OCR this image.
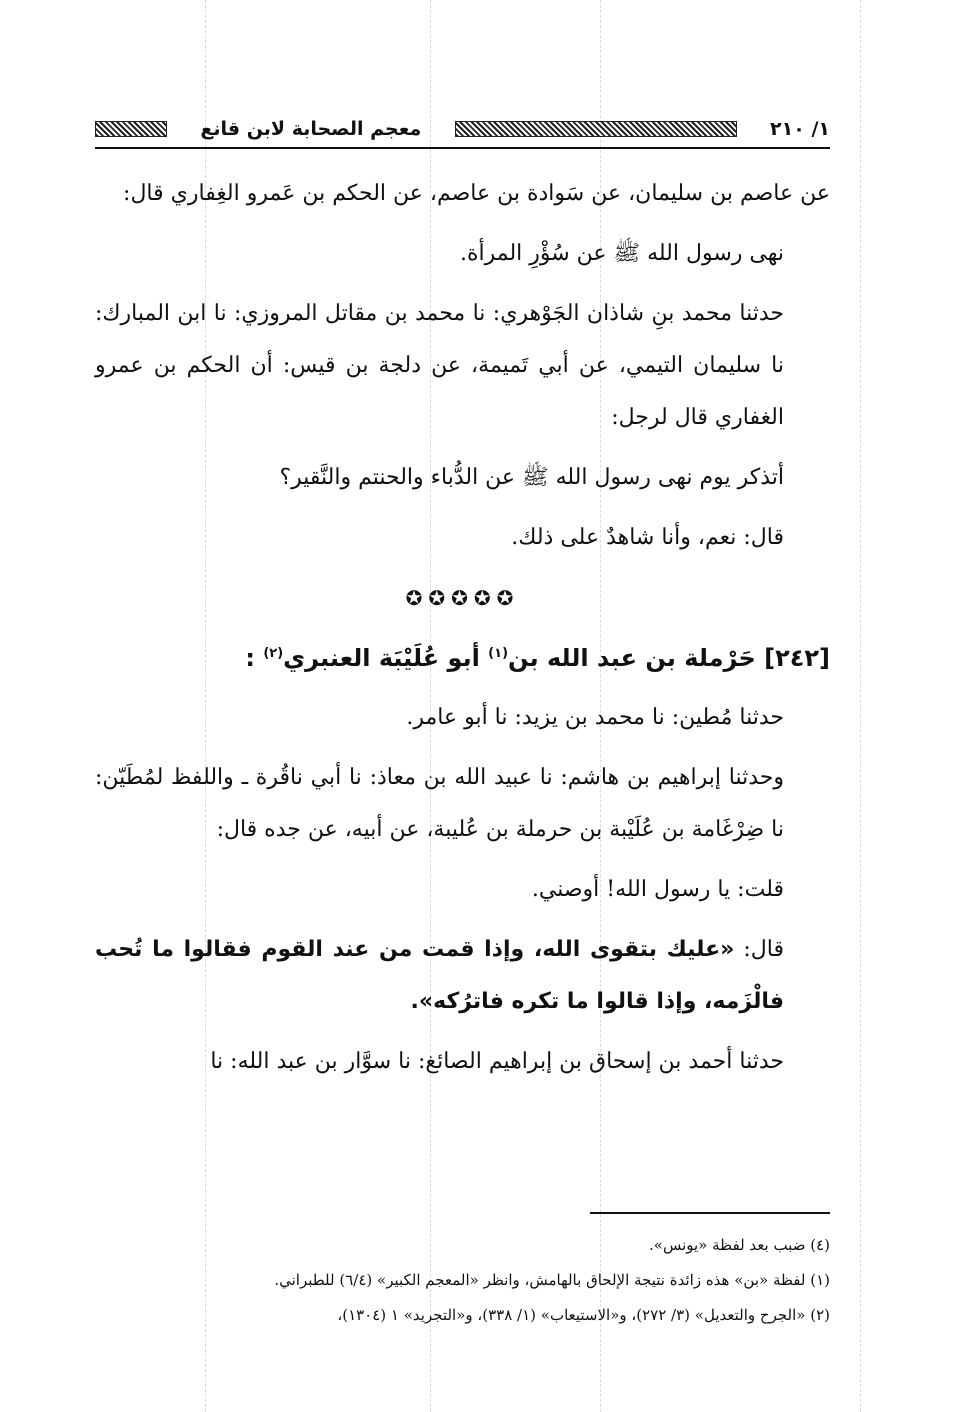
١/ ٢١٠
معجم الصحابة لابن قانع

عن عاصم بن سليمان، عن سَوادة بن عاصم، عن الحكم بن عَمرو الغِفاري قال:

نهى رسول الله ﷺ عن سُؤْرِ المرأة.

حدثنا محمد بنِ شاذان الجَوْهري: نا محمد بن مقاتل المروزي: نا ابن المبارك: نا سليمان التيمي، عن أبي تَميمة، عن دلجة بن قيس: أن الحكم بن عمرو الغفاري قال لرجل:

أتذكر يوم نهى رسول الله ﷺ عن الدُّباء والحنتم والنَّقير؟

قال: نعم، وأنا شاهدٌ على ذلك.

✪✪✪✪✪

[٢٤٢] حَرْملة بن عبد الله بن$^{(١)}$ أبو عُلَيْبَة العنبري$^{(٢)}$ :

حدثنا مُطين: نا محمد بن يزيد: نا أبو عامر.

وحدثنا إبراهيم بن هاشم: نا عبيد الله بن معاذ: نا أبي ناقُرة ـ واللفظ لمُطَيّن: نا ضِرْغَامة بن عُلَيْبة بن حرملة بن عُليبة، عن أبيه، عن جده قال:

قلت: يا رسول الله! أوصني.

قال: «عليك بتقوى الله، وإذا قمت من عند القوم فقالوا ما تُحب فالْزَمه، وإذا قالوا ما تكره فاترُكه».

حدثنا أحمد بن إسحاق بن إبراهيم الصائغ: نا سوَّار بن عبد الله: نا

(٤) ضبب بعد لفظة «يونس».

(١) لفظة «بن» هذه زائدة نتيجة الإلحاق بالهامش، وانظر «المعجم الكبير» (٦/٤) للطبراني.

(٢) «الجرح والتعديل» (٣/ ٢٧٢)، و«الاستيعاب» (١/ ٣٣٨)، و«التجريد» ١ (١٣٠٤)،
